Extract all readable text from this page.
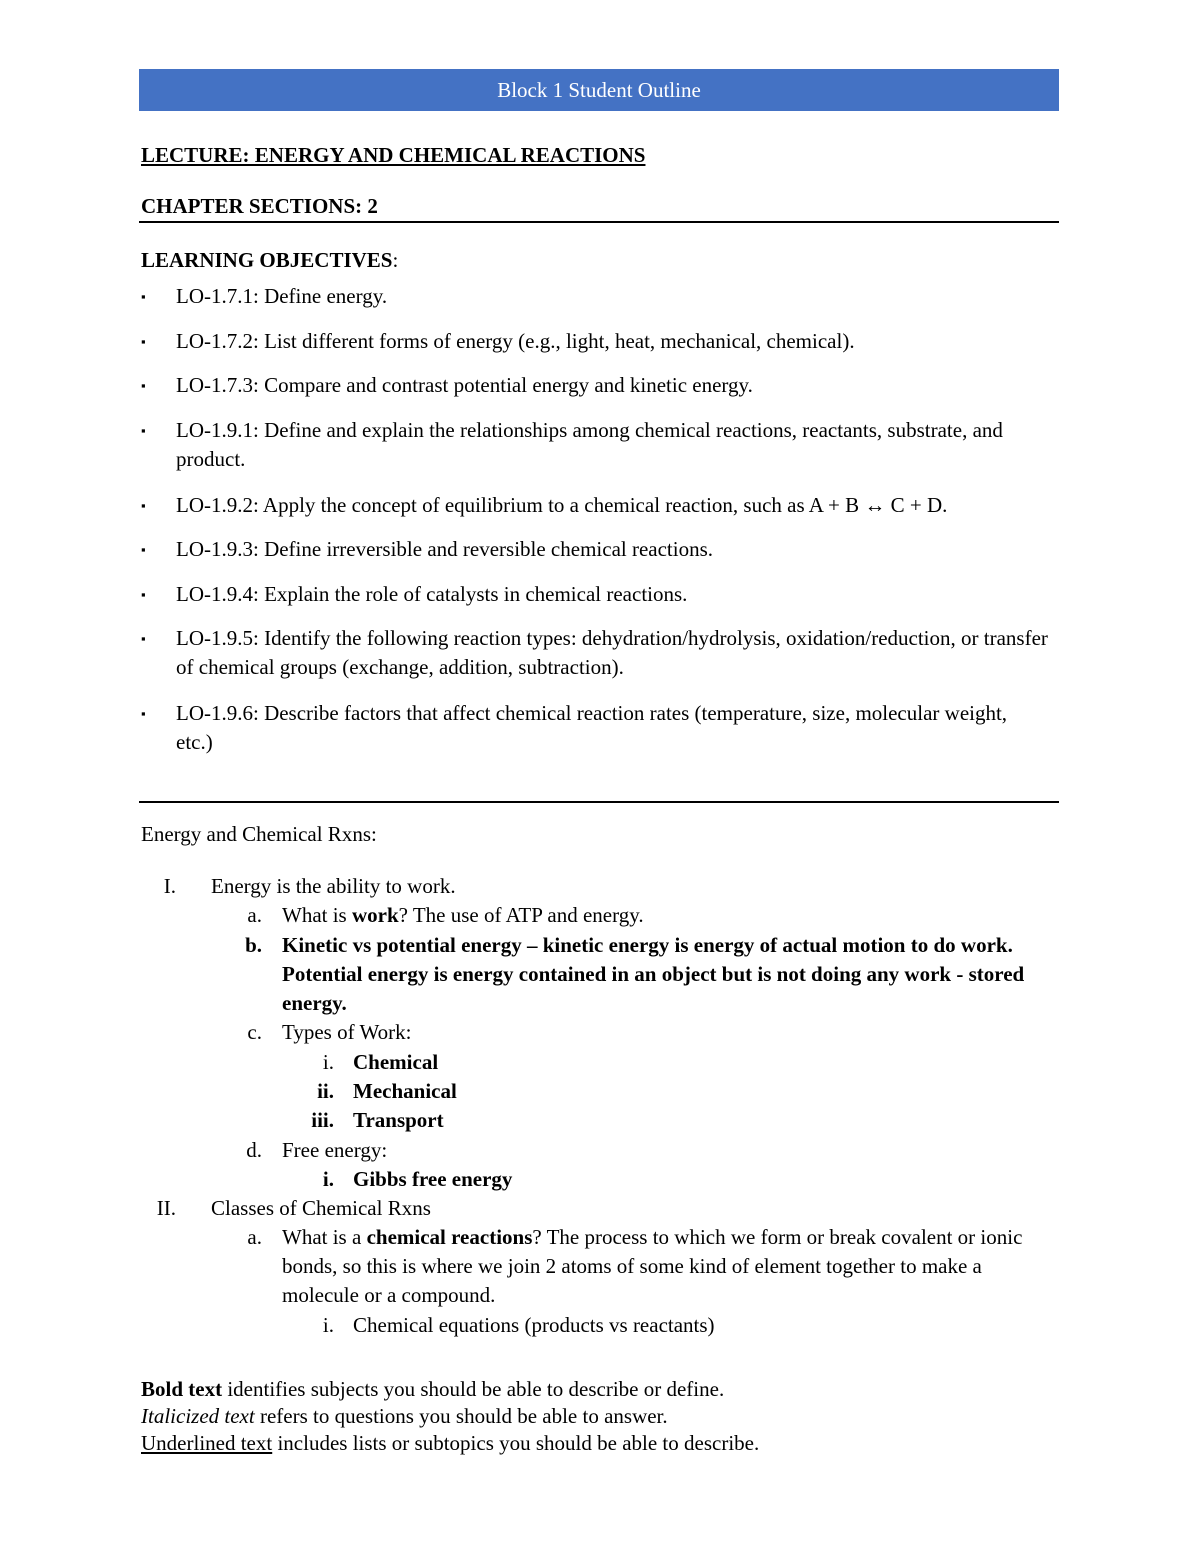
Block 1 Student Outline
LECTURE: ENERGY AND CHEMICAL REACTIONS
CHAPTER SECTIONS: 2
LEARNING OBJECTIVES:
▪ LO-1.7.1: Define energy.
▪ LO-1.7.2: List different forms of energy (e.g., light, heat, mechanical, chemical).
▪ LO-1.7.3: Compare and contrast potential energy and kinetic energy.
▪ LO-1.9.1: Define and explain the relationships among chemical reactions, reactants, substrate, and product.
▪ LO-1.9.2: Apply the concept of equilibrium to a chemical reaction, such as A + B ↔ C + D.
▪ LO-1.9.3: Define irreversible and reversible chemical reactions.
▪ LO-1.9.4: Explain the role of catalysts in chemical reactions.
▪ LO-1.9.5: Identify the following reaction types: dehydration/hydrolysis, oxidation/reduction, or transfer of chemical groups (exchange, addition, subtraction).
▪ LO-1.9.6: Describe factors that affect chemical reaction rates (temperature, size, molecular weight, etc.)
Energy and Chemical Rxns:
I. Energy is the ability to work.
a. What is work? The use of ATP and energy.
b. Kinetic vs potential energy – kinetic energy is energy of actual motion to do work. Potential energy is energy contained in an object but is not doing any work - stored energy.
c. Types of Work:
i. Chemical
ii. Mechanical
iii. Transport
d. Free energy:
i. Gibbs free energy
II. Classes of Chemical Rxns
a. What is a chemical reactions? The process to which we form or break covalent or ionic bonds, so this is where we join 2 atoms of some kind of element together to make a molecule or a compound.
i. Chemical equations (products vs reactants)
Bold text identifies subjects you should be able to describe or define.
Italicized text refers to questions you should be able to answer.
Underlined text includes lists or subtopics you should be able to describe.
